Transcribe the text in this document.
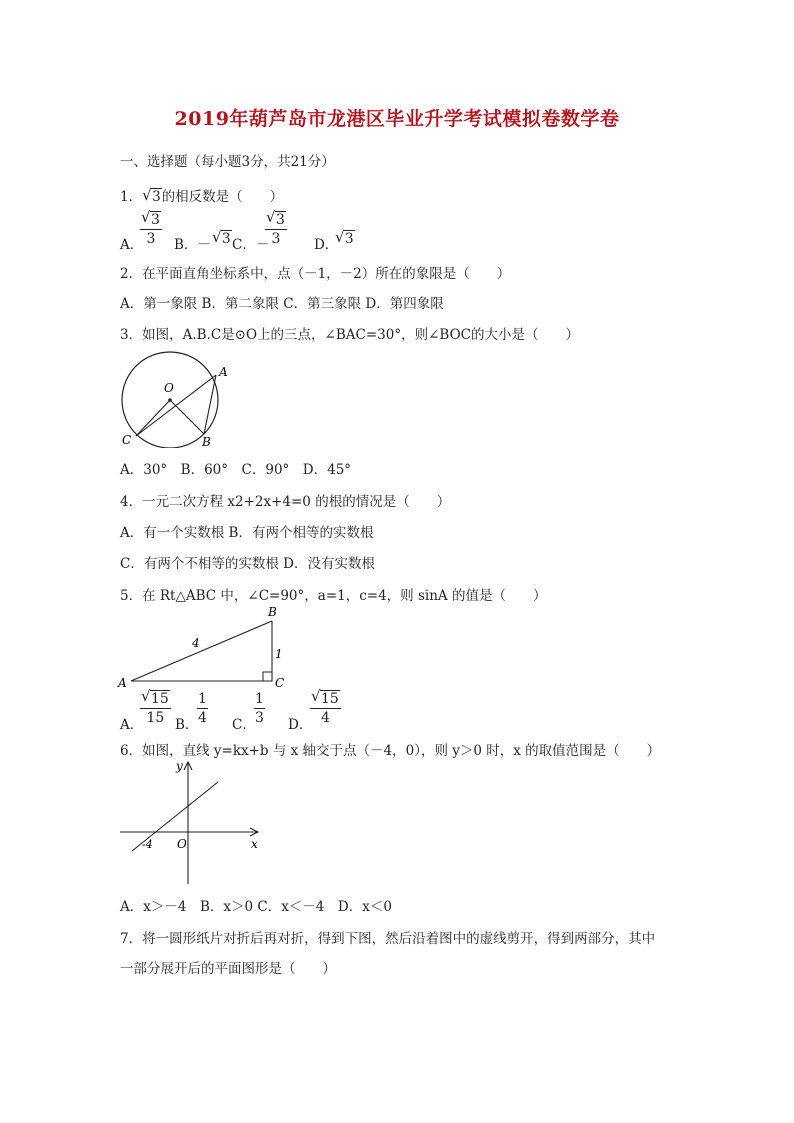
2019年葫芦岛市龙港区毕业升学考试模拟卷数学卷
一、选择题（每小题3分，共21分）
1． √ 3的相反数是（　　）
A．
$\frac{√ 3}{3}$ B．－ √ 3 C．－
$\frac{√ 3}{3}$ D．
√ 3
2．在平面直角坐标系中，点（－1，－2）所在的象限是（　　）
A．第一象限 B．第二象限 C．第三象限 D．第四象限
3．如图，A.B.C是⊙O上的三点，∠BAC=30°，则∠BOC的大小是（　　）
O
A
B
C
A．30°　B．60°　C．90°　D．45°
4．一元二次方程 x2+2x+4=0 的根的情况是（　　）
A．有一个实数根 B．有两个相等的实数根
C．有两个不相等的实数根 D．没有实数根
5．在 Rt△ABC 中，∠C=90°，a=1，c=4，则 sinA 的值是（　　）
A
B
C
4
1
A．
$\frac{√ 15}{15}$ B．
$\frac{1}{4}$ C．
$\frac{1}{3}$ D．
$\frac{√ 15}{4}$
6．如图，直线 y=kx+b 与 x 轴交于点（－4，0），则 y＞0 时，x 的取值范围是（　　）
y
x
O
-4
A．x＞－4　B．x＞0 C．x＜－4　D．x＜0
7．将一圆形纸片对折后再对折，得到下图，然后沿着图中的虚线剪开，得到两部分，其中
一部分展开后的平面图形是（　　）
